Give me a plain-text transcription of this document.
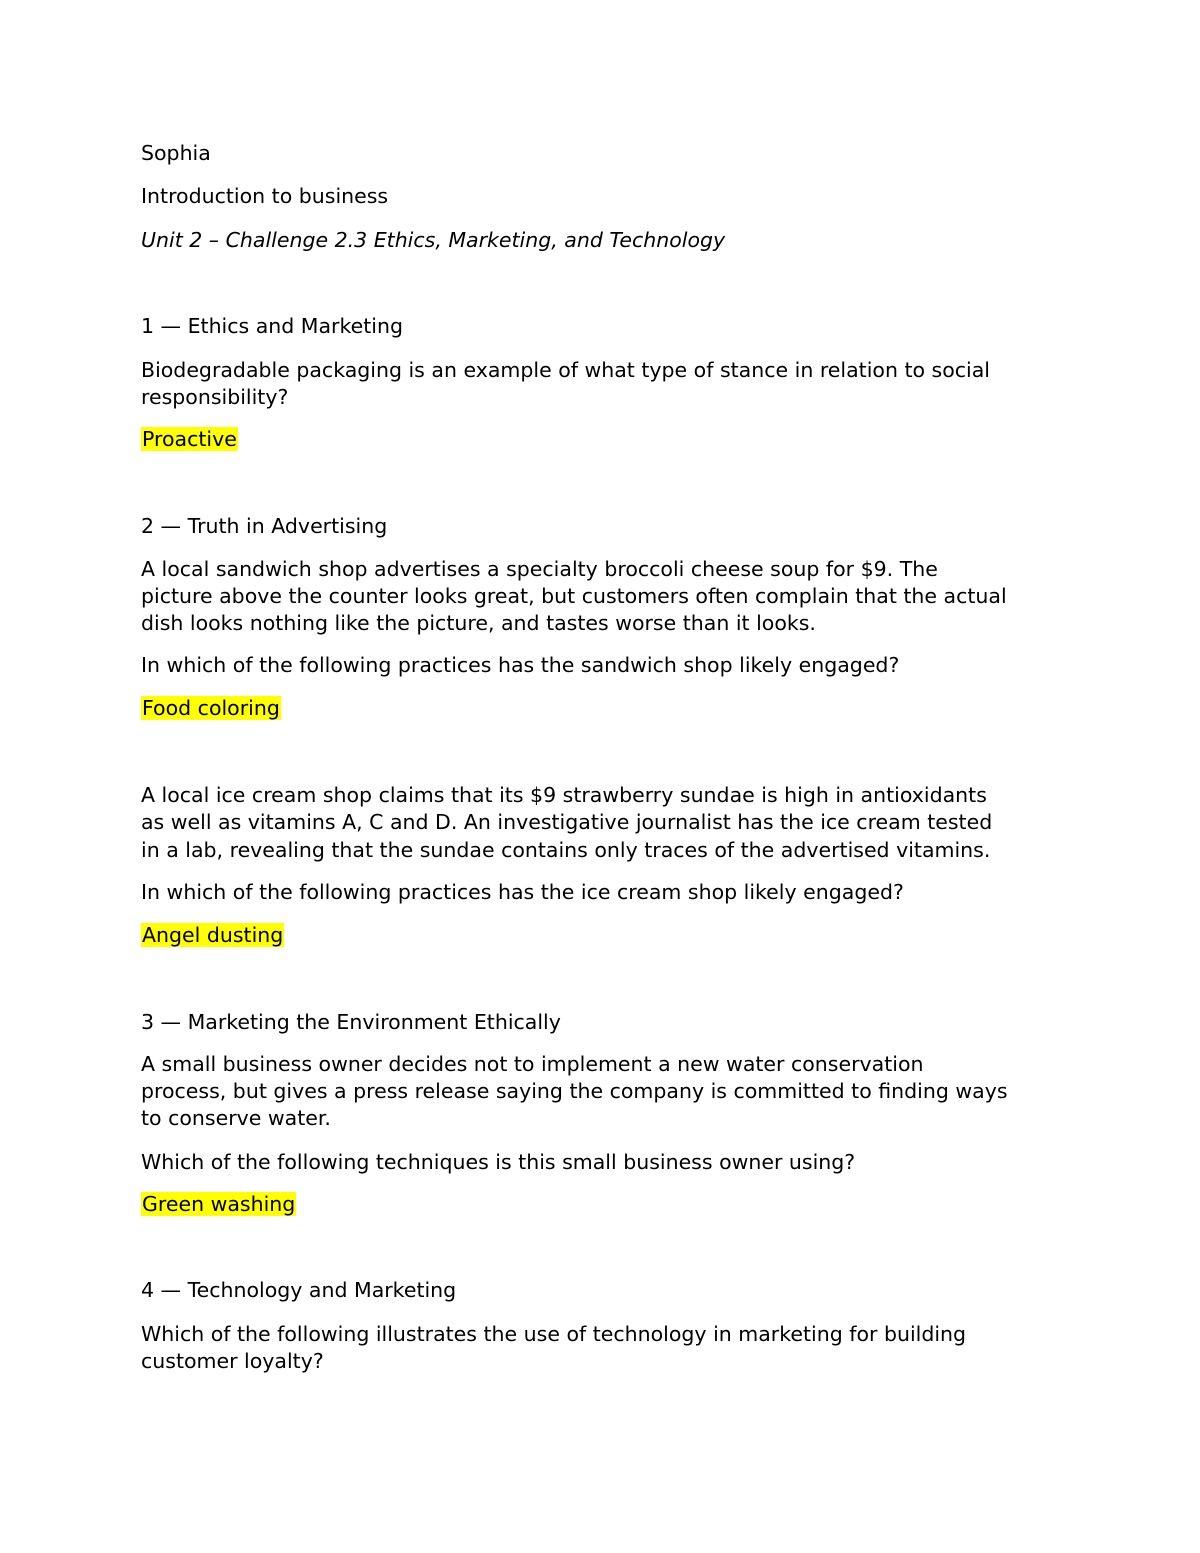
Sophia

Introduction to business

Unit 2 – Challenge 2.3 Ethics, Marketing, and Technology

1 — Ethics and Marketing

Biodegradable packaging is an example of what type of stance in relation to social

responsibility?

Proactive

2 — Truth in Advertising

A local sandwich shop advertises a specialty broccoli cheese soup for $9. The

picture above the counter looks great, but customers often complain that the actual

dish looks nothing like the picture, and tastes worse than it looks.

In which of the following practices has the sandwich shop likely engaged?

Food coloring

A local ice cream shop claims that its $9 strawberry sundae is high in antioxidants

as well as vitamins A, C and D. An investigative journalist has the ice cream tested

in a lab, revealing that the sundae contains only traces of the advertised vitamins.

In which of the following practices has the ice cream shop likely engaged?

Angel dusting

3 — Marketing the Environment Ethically

A small business owner decides not to implement a new water conservation

process, but gives a press release saying the company is committed to finding ways

to conserve water.

Which of the following techniques is this small business owner using?

Green washing

4 — Technology and Marketing

Which of the following illustrates the use of technology in marketing for building

customer loyalty?
